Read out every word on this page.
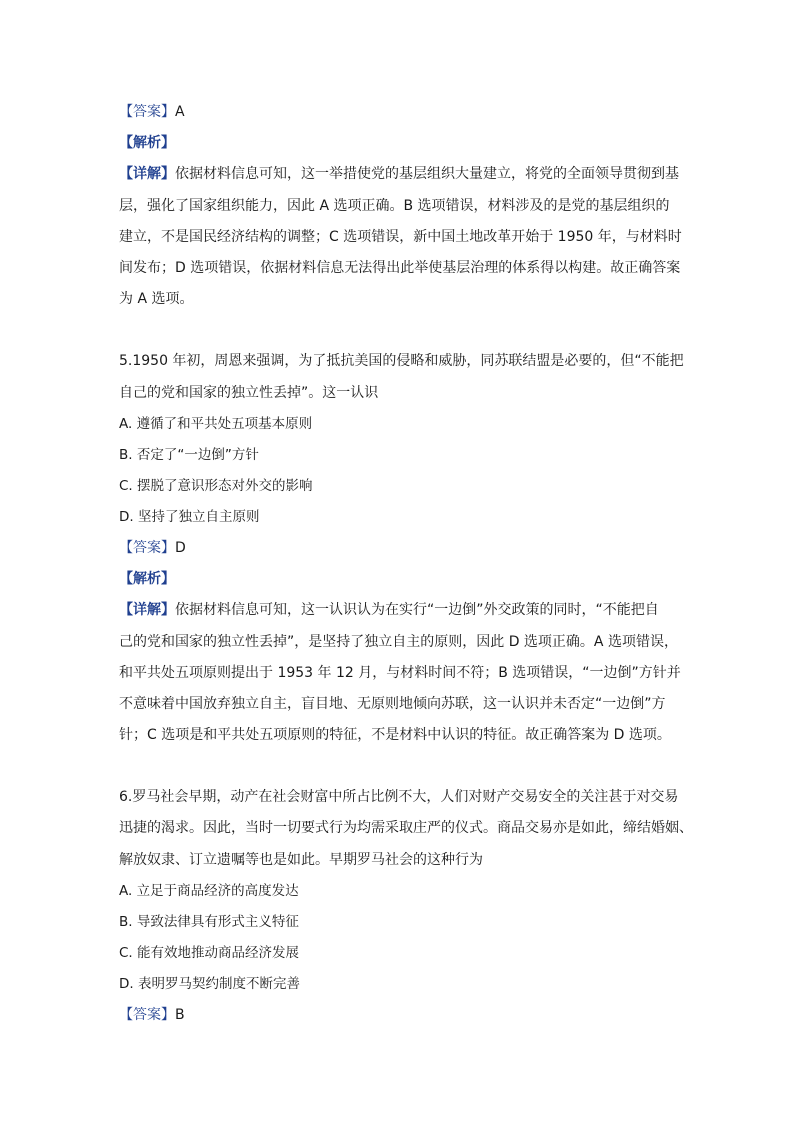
【答案】A
【解析】
【详解】依据材料信息可知，这一举措使党的基层组织大量建立，将党的全面领导贯彻到基
层，强化了国家组织能力，因此 A 选项正确。B 选项错误，材料涉及的是党的基层组织的
建立，不是国民经济结构的调整；C 选项错误，新中国土地改革开始于 1950 年，与材料时
间发布；D 选项错误，依据材料信息无法得出此举使基层治理的体系得以构建。故正确答案
为 A 选项。
5.1950 年初，周恩来强调，为了抵抗美国的侵略和威胁，同苏联结盟是必要的，但“不能把
自己的党和国家的独立性丢掉”。这一认识
A. 遵循了和平共处五项基本原则
B. 否定了“一边倒”方针
C. 摆脱了意识形态对外交的影响
D. 坚持了独立自主原则
【答案】D
【解析】
【详解】依据材料信息可知，这一认识认为在实行“一边倒”外交政策的同时，“不能把自
己的党和国家的独立性丢掉”，是坚持了独立自主的原则，因此 D 选项正确。A 选项错误，
和平共处五项原则提出于 1953 年 12 月，与材料时间不符；B 选项错误，“一边倒”方针并
不意味着中国放弃独立自主，盲目地、无原则地倾向苏联，这一认识并未否定“一边倒”方
针；C 选项是和平共处五项原则的特征，不是材料中认识的特征。故正确答案为 D 选项。
6.罗马社会早期，动产在社会财富中所占比例不大，人们对财产交易安全的关注甚于对交易
迅捷的渴求。因此，当时一切要式行为均需采取庄严的仪式。商品交易亦是如此，缔结婚姻、
解放奴隶、订立遗嘱等也是如此。早期罗马社会的这种行为
A. 立足于商品经济的高度发达
B. 导致法律具有形式主义特征
C. 能有效地推动商品经济发展
D. 表明罗马契约制度不断完善
【答案】B
